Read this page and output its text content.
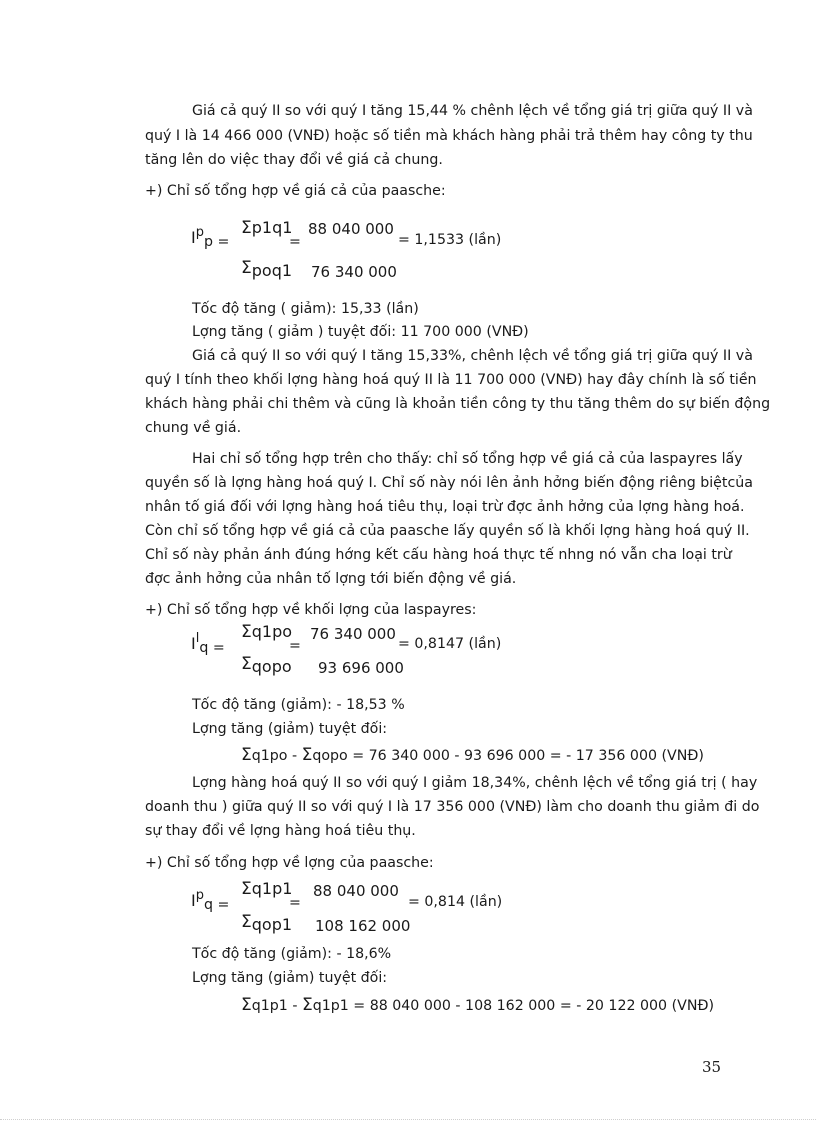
Giá cả quý II so với quý I tăng 15,44 % chênh lệch về tổng giá trị giữa quý II và
quý I là 14 466 000 (VNĐ) hoặc số tiền mà khách hàng phải trả thêm hay công ty thu
tăng lên do việc thay đổi về giá cả chung.
+) Chỉ số tổng hợp về giá cả của paasche:
Ipp =
Σp1q1
=
88 040 000
= 1,1533 (lần)
Σpoq1 76 340 000
Tốc độ tăng ( giảm): 15,33 (lần)
Lợng tăng ( giảm ) tuyệt đối: 11 700 000 (VNĐ)
Giá cả quý II so với quý I tăng 15,33%, chênh lệch về tổng giá trị giữa quý II và
quý I tính theo khối lợng hàng hoá quý II là 11 700 000 (VNĐ) hay đây chính là số tiền
khách hàng phải chi thêm và cũng là khoản tiền công ty thu tăng thêm do sự biến động
chung về giá.
Hai chỉ số tổng hợp trên cho thấy: chỉ số tổng hợp về giá cả của laspayres lấy
quyền số là lợng hàng hoá quý I. Chỉ số này nói lên ảnh hởng biến động riêng biệtcủa
nhân tố giá đối với lợng hàng hoá tiêu thụ, loại trừ đợc ảnh hởng của lợng hàng hoá.
Còn chỉ số tổng hợp về giá cả của paasche lấy quyền số là khối lợng hàng hoá quý II.
Chỉ số này phản ánh đúng hớng kết cấu hàng hoá thực tế nhng nó vẫn cha loại trừ
đợc ảnh hởng của nhân tố lợng tới biến động về giá.
+) Chỉ số tổng hợp về khối lợng của laspayres:
Ilq =
Σq1po
=
76 340 000
= 0,8147 (lần)
Σqopo 93 696 000
Tốc độ tăng (giảm): - 18,53 %
Lợng tăng (giảm) tuyệt đối:
Σq1po - Σqopo = 76 340 000 - 93 696 000 = - 17 356 000 (VNĐ)
Lợng hàng hoá quý II so với quý I giảm 18,34%, chênh lệch về tổng giá trị ( hay
doanh thu ) giữa quý II so với quý I là 17 356 000 (VNĐ) làm cho doanh thu giảm đi do
sự thay đổi về lợng hàng hoá tiêu thụ.
+) Chỉ số tổng hợp về lợng của paasche:
Ipq =
Σq1p1
=
88 040 000
= 0,814 (lần)
Σqop1 108 162 000
Tốc độ tăng (giảm): - 18,6%
Lợng tăng (giảm) tuyệt đối:
Σq1p1 - Σq1p1 = 88 040 000 - 108 162 000 = - 20 122 000 (VNĐ)
35
